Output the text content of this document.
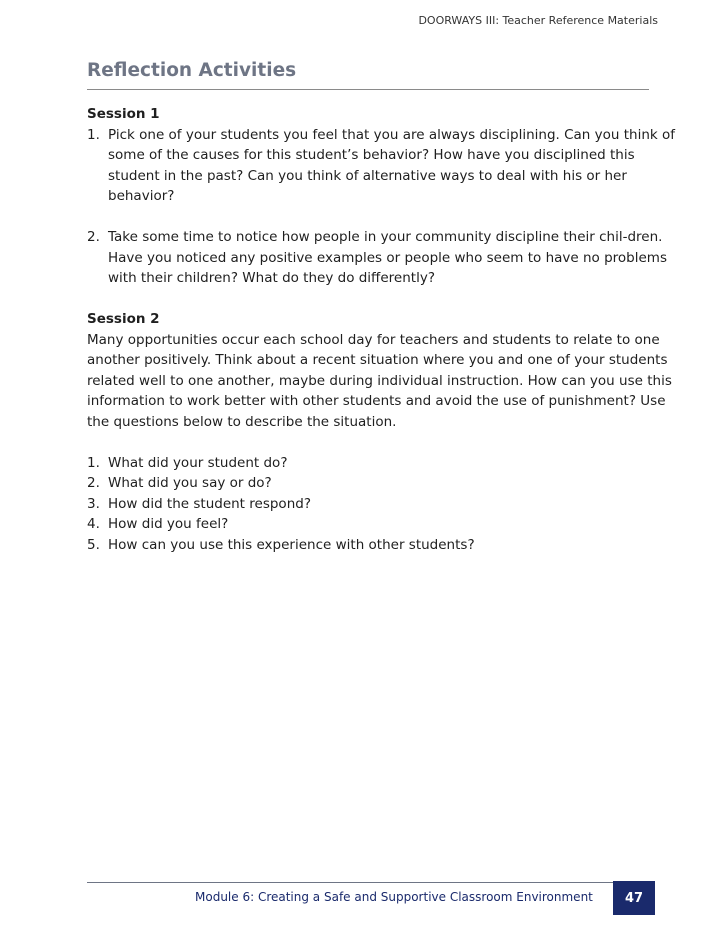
DOORWAYS III: Teacher Reference Materials
Reflection Activities

Session 1

1. Pick one of your students you feel that you are always disciplining. Can you think of some of the causes for this student’s behavior? How have you disciplined this student in the past? Can you think of alternative ways to deal with his or her behavior?
2. Take some time to notice how people in your community discipline their chil-dren. Have you noticed any positive examples or people who seem to have no problems with their children? What do they do differently?

Session 2

Many opportunities occur each school day for teachers and students to relate to one another positively. Think about a recent situation where you and one of your students related well to one another, maybe during individual instruction. How can you use this information to work better with other students and avoid the use of punishment? Use the questions below to describe the situation.

1. What did your student do?
2. What did you say or do?
3. How did the student respond?
4. How did you feel?
5. How can you use this experience with other students?
Module 6: Creating a Safe and Supportive Classroom Environment 47
